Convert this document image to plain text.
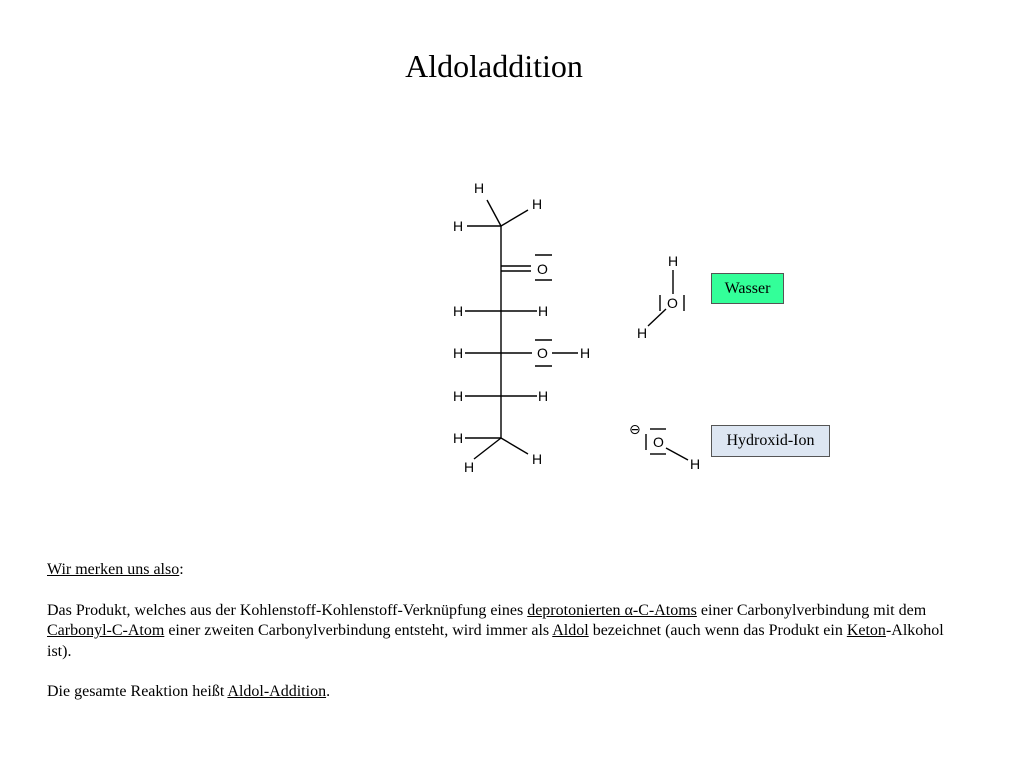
Aldoladdition
H
H
H
O
H	H
H	O H
H	H
H
H	H
H
O
H
⊖
O
H
Wasser
Hydroxid-Ion

Wir merken uns also:

Das Produkt, welches aus der Kohlenstoff-Kohlenstoff-Verknüpfung eines deprotonierten α-C-Atoms einer Carbonylverbindung mit dem Carbonyl-C-Atom einer zweiten Carbonylverbindung entsteht, wird immer als Aldol bezeichnet (auch wenn das Produkt ein Keton-Alkohol ist).

Die gesamte Reaktion heißt Aldol-Addition.
